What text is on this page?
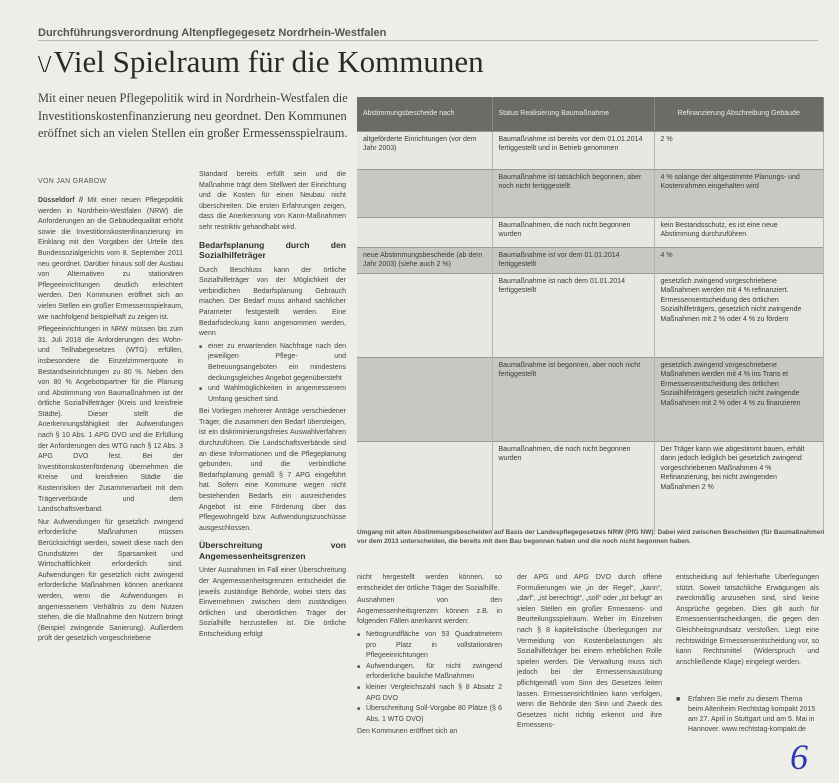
Durchführungsverordnung Altenpflegegesetz Nordrhein-Westfalen
\/Viel Spielraum für die Kommunen
Mit einer neuen Pflegepolitik wird in Nordrhein-Westfalen die Investitionskostenfinanzierung neu geordnet. Den Kommunen eröffnet sich an vielen Stellen ein großer Ermessensspielraum.
VON JAN GRABOW

Düsseldorf // Mit einer neuen Pflegepolitik werden in Nordrhein-Westfalen (NRW) die Anforderungen an die Gebäudequalität erhöht sowie die Investitionskostenfinanzierung im Einklang mit den Vorgaben der Urteile des Bundessozialgerichts vom 8. September 2011 neu geordnet. Darüber hinaus soll der Ausbau von Alternativen zu stationären Pflegeeinrichtungen deutlich erleichtert werden. Den Kommunen eröffnet sich an vielen Stellen ein großer Ermessensspielraum, wie nachfolgend beispielhaft zu zeigen ist.

Pflegeeinrichtungen in NRW müssen bis zum 31. Juli 2018 die Anforderungen des Wohn- und Teilhabegesetzes (WTG) erfüllen, insbesondere die Einzelzimmerquote in Bestandseinrichtungen zu 80 %. Neben den von 80 % Angebotspartner für die Planung und Abstimmung von Baumaßnahmen ist der örtliche Sozialhilfeträger (Kreis und kreisfreie Städte). Dieser stellt die Anerkennungsfähigkeit der Aufwendungen nach § 10 Abs. 1 APG DVO und die Erfüllung der Anforderungen des WTG nach § 12 Abs. 3 APG DVO fest. Bei der Investitionskostenförderung übernehmen die Kreise und kreisfreien Städte die Kostenrisiken der Zusammenarbeit mit dem Trägerverbünde und dem Landschaftsverband.

Nur Aufwendungen für gesetzlich zwingend erforderliche Maßnahmen müssen Berücksichtigt werden, soweit diese nach den Grundsätzen der Sparsamkeit und Wirtschaftlichkeit erforderlich sind. Aufwendungen für gesetzlich nicht zwingend erforderliche Maßnahmen können anerkannt werden, wenn die Aufwendungen in angemessenem Verhältnis zu dem Nutzen stehen, die die Maßnahme den Nutzern bringt (Beispiel zwingende Sanierung). Außerdem prüft der gesetzlich vorgeschriebene

Standard bereits erfüllt sein und die Maßnahme trägt dem Stellwert der Einrichtung und die Kosten für einen Neubau nicht überschreiten. Die ersten Erfahrungen zeigen, dass die Anerkennung von Kann-Maßnahmen sehr restriktiv gehandhabt wird.

Bedarfsplanung durch den Sozialhilfeträger

Durch Beschluss kann der örtliche Sozialhilfeträger von der Möglichkeit der verbindlichen Bedarfsplanung Gebrauch machen. Der Bedarf muss anhand sachlicher Parameter festgestellt werden. Eine Bedarfsdeckung kann angenommen werden, wenn

■ einer zu erwartenden Nachfrage nach den jeweiligen Pflege- und Betreuungsangeboten ein mindestens deckungsgleiches Angebot gegenübersteht
■ und Wahlmöglichkeiten in angemessenem Umfang gesichert sind.

Bei Vorliegen mehrerer Anträge verschiedener Träger, die zusammen den Bedarf übersteigen, ist ein diskriminierungsfreies Auswahlverfahren durchzuführen. Die Landschaftsverbände sind an diese Informationen und die Pflegeplanung gebunden, und die verbindliche Bedarfsplanung gemäß § 7 APG eingeführt hat. Sofern eine Kommune wegen nicht bestehenden Bedarfs ein ausreichendes Angebot ist eine Förderung über das Pflegewohngeld bzw. Aufwendungszuschüsse ausgeschlossen.

Überschreitung von Angemessenheitsgrenzen

Unter Ausnahmen im Fall einer Überschreitung der Angemessenheitsgrenzen entscheidet die jeweils zuständige Behörde, wobei stets das Einvernehmen zwischen dem zuständigen örtlichen und überörtlichen Träger der Sozialhilfe herzustellen ist. Die örtliche Entscheidung erfolgt

Abstimmungsbescheide nach	Status Realisierung Baumaßnahme	Refinanzierung Abschreibung Gebäude
altgeförderte Einrichtungen (vor dem Jahr 2003)	Baumaßnahme ist bereits vor dem 01.01.2014 fertiggestellt und in Betrieb genommen	2 %
	Baumaßnahme ist tatsächlich begonnen, aber noch nicht fertiggestellt	4 % solange der altgestimmte Planungs- und Kostenrahmen eingehalten wird
	Baumaßnahmen, die noch nicht begonnen wurden	kein Bestandsschutz, es ist eine neue Abstimmung durchzuführen
neue Abstimmungsbescheide (ab dem Jahr 2003) (siehe auch 2 %)	Baumaßnahme ist vor dem 01.01.2014 fertiggestellt	4 %
	Baumaßnahme ist nach dem 01.01.2014 fertiggestellt	gesetzlich zwingend vorgeschriebene Maßnahmen werden mit 4 % refinanziert. Ermessensentscheidung des örtlichen Sozialhilfeträgers, gesetzlich nicht zwingende Maßnahmen mit 2 % oder 4 % zu fördern
	Baumaßnahme ist begonnen, aber noch nicht fertiggestellt	gesetzlich zwingend vorgeschriebene Maßnahmen werden mit 4 % ins Trans et Ermessensentscheidung des örtlichen Sozialhilfeträgers gesetzlich nicht zwingende Maßnahmen mit 2 % oder 4 % zu finanzieren
	Baumaßnahmen, die noch nicht begonnen wurden	Der Träger kann wie abgestimmt bauen, erhält dann jedoch lediglich bei gesetzlich zwingend vorgeschriebenen Maßnahmen 4 % Refinanzierung, bei nicht zwingenden Maßnahmen 2 %
Umgang mit alten Abstimmungsbescheiden auf Basis der Landespflegegesetzes NRW (PfG NW): Dabei wird zwischen Bescheiden (für Baumaßnahmen vor dem 2013 unterscheiden, die bereits mit dem Bau begonnen haben und die noch nicht begonnen haben.

nicht hergestellt werden können, so entscheidet der örtliche Träger der Sozialhilfe.

Ausnahmen von den Angemessenheitsgrenzen können z.B. in folgenden Fällen anerkannt werden:

■ Nettogrundfläche von 53 Quadratmetern pro Platz in vollstationären Pflegeeinrichtungen
■ Aufwendungen, für nicht zwingend erforderliche bauliche Maßnahmen
■ kleiner Vergleichszahl nach § 8 Absatz 2 APG DVO
■ Überschreitung Soll-Vorgabe 80 Plätze (§ 6 Abs. 1 WTG DVO)

Den Kommunen eröffnet sich an

der APG und APG DVO durch offene Formulierungen wie „in der Regel“, „kann“, „darf“, „ist berechtigt“, „soll“ oder „ist befugt“ an vielen Stellen ein großer Ermessens- und Beurteilungsspielraum. Weber im Einzelnen nach § 8 kapitelistische Überlegungen zur Vermeidung von Kostenbelastungen als Sozialhilfeträger bei einem erheblichen Rolle spielen werden. Die Verwaltung muss sich jedoch bei der Ermessensausübung pflichtgemäß vom Sinn des Gesetzes leiten lassen. Ermessensrichtlinien kann verfolgen, wenn die Behörde den Sinn und Zweck des Gesetzes nicht richtig erkennt und ihre Ermessens-

entscheidung auf fehlerhafte Überlegungen stützt. Soweit tatsächliche Erwägungen als zweckmäßig anzusehen sind, sind keine Ansprüche gegeben. Dies gilt auch für Ermessensentscheidungen, die gegen den Gleichheitsgrundsatz verstoßen. Liegt eine rechtswidrige Ermessensentscheidung vor, so kann Rechtsmittel (Widerspruch und anschließende Klage) eingelegt werden.

■ Erfahren Sie mehr zu diesem Thema beim Altenheim Rechtstag kompakt 2015 am 27. April in Stuttgart und am 5. Mai in Hannover. www.rechtstag-kompakt.de
6
